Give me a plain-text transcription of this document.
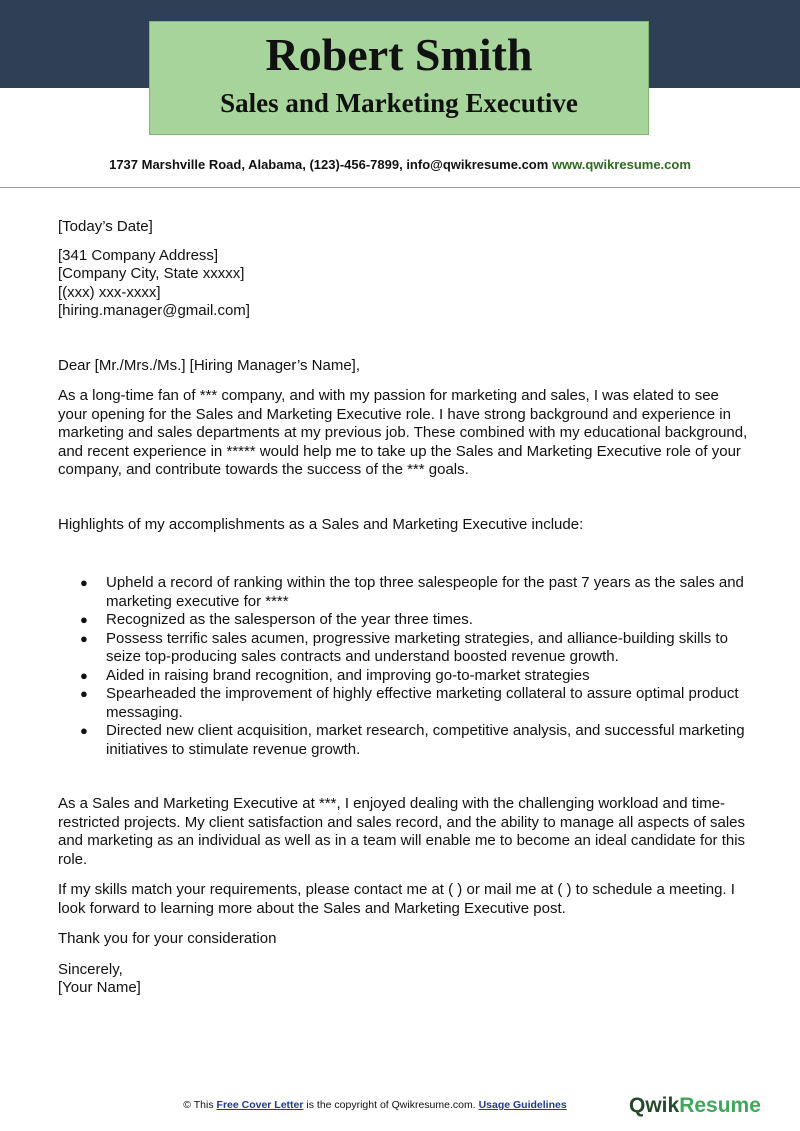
Robert Smith
Sales and Marketing Executive
1737 Marshville Road, Alabama, (123)-456-7899, info@qwikresume.com www.qwikresume.com

[Today’s Date]

[341 Company Address]

[Company City, State xxxxx]

[(xxx) xxx-xxxx]

[hiring.manager@gmail.com]

Dear [Mr./Mrs./Ms.] [Hiring Manager’s Name],

As a long-time fan of *** company, and with my passion for marketing and sales, I was elated to see your opening for the Sales and Marketing Executive role. I have strong background and experience in marketing and sales departments at my previous job. These combined with my educational background, and recent experience in ***** would help me to take up the Sales and Marketing Executive role of your company, and contribute towards the success of the *** goals.

Highlights of my accomplishments as a Sales and Marketing Executive include:

● Upheld a record of ranking within the top three salespeople for the past 7 years as the sales and marketing executive for ****
● Recognized as the salesperson of the year three times.
● Possess terrific sales acumen, progressive marketing strategies, and alliance-building skills to seize top-producing sales contracts and understand boosted revenue growth.
● Aided in raising brand recognition, and improving go-to-market strategies
● Spearheaded the improvement of highly effective marketing collateral to assure optimal product messaging.
● Directed new client acquisition, market research, competitive analysis, and successful marketing initiatives to stimulate revenue growth.

As a Sales and Marketing Executive at ***, I enjoyed dealing with the challenging workload and time-restricted projects. My client satisfaction and sales record, and the ability to manage all aspects of sales and marketing as an individual as well as in a team will enable me to become an ideal candidate for this role.

If my skills match your requirements, please contact me at ( ) or mail me at ( ) to schedule a meeting. I look forward to learning more about the Sales and Marketing Executive post.

Thank you for your consideration

Sincerely,

[Your Name]

© This Free Cover Letter is the copyright of Qwikresume.com. Usage Guidelines	QwikResume
